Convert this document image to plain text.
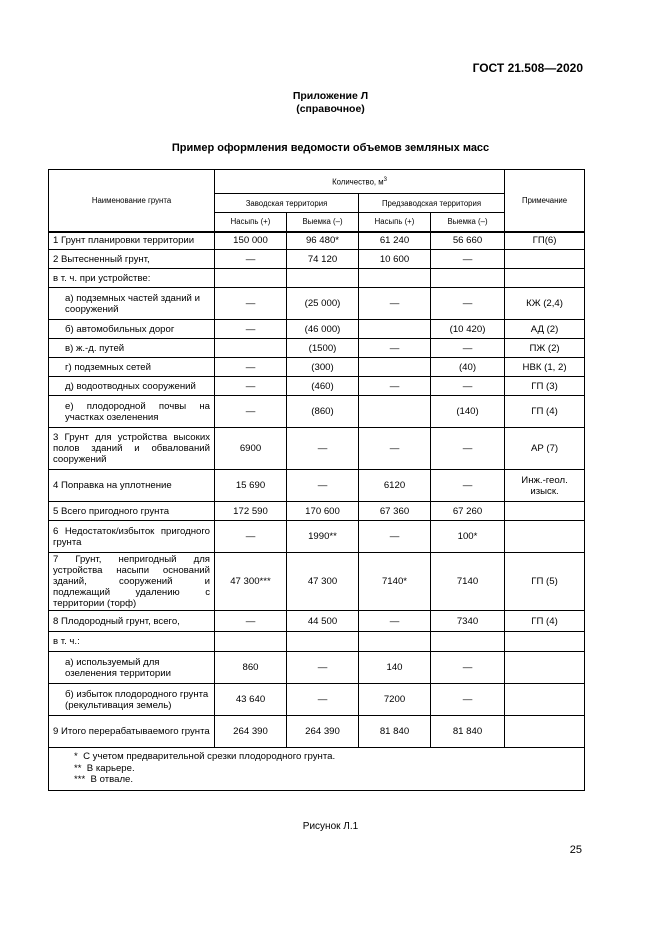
ГОСТ 21.508—2020
Приложение Л
(справочное)
Пример оформления ведомости объемов земляных масс
Наименование грунта	Количество, $м^3$				Примечание
	Заводская территория		Предзаводская территория		
	Насыпь (+)	Выемка (–)	Насыпь (+)	Выемка (–)	
1 Грунт планировки территории	150 000	96 480*	61 240	56 660	ГП(6)
2 Вытесненный грунт,	—	74 120	10 600	—	
в т. ч. при устройстве:					
а) подземных частей зданий и сооружений	—	(25 000)	—	—	КЖ (2,4)
б) автомобильных дорог	—	(46 000)		(10 420)	АД (2)
в) ж.-д. путей		(1500)	—	—	ПЖ (2)
г) подземных сетей	—	(300)		(40)	НВК (1, 2)
д) водоотводных сооружений	—	(460)	—	—	ГП (3)
е) плодородной почвы на участках озеленения	—	(860)		(140)	ГП (4)
3 Грунт для устройства высоких полов зданий и обвалований сооружений	6900	—	—	—	АР (7)
4 Поправка на уплотнение	15 690	—	6120	—	Инж.-геол. изыск.
5 Всего пригодного грунта	172 590	170 600	67 360	67 260	
6 Недостаток/избыток пригодного грунта	—	1990**	—	100*	
7 Грунт, непригодный для устройства насыпи оснований зданий, сооружений и подлежащий удалению с территории (торф)	47 300***	47 300	7140*	7140	ГП (5)
8 Плодородный грунт, всего,	—	44 500	—	7340	ГП (4)
в т. ч.:					
а) используемый для озеленения территории	860	—	140	—	
б) избыток плодородного грунта (рекультивация земель)	43 640	—	7200	—	
9 Итого перерабатываемого грунта	264 390	264 390	81 840	81 840	

*  С учетом предварительной срезки плодородного грунта.
**  В карьере.
***  В отвале.					
Рисунок Л.1
25
